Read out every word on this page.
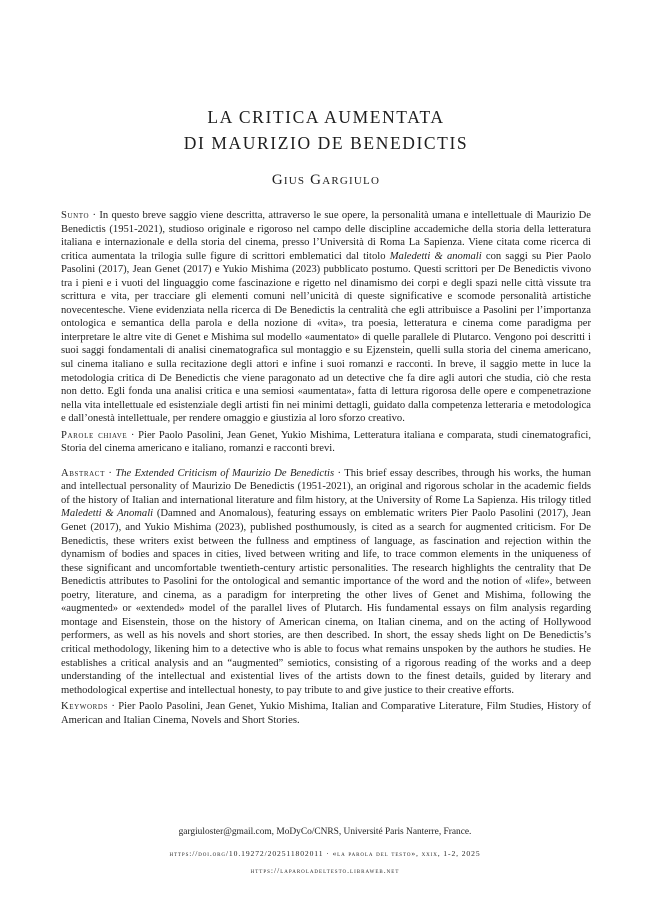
LA CRITICA AUMENTATA
DI MAURIZIO DE BENEDICTIS
Gius Gargiulo

Sunto · In questo breve saggio viene descritta, attraverso le sue opere, la personalità umana e intellettuale di Maurizio De Benedictis (1951-2021), studioso originale e rigoroso nel campo delle discipline accademiche della storia della letteratura italiana e internazionale e della storia del cinema, presso l’Università di Roma La Sapienza. Viene citata come ricerca di critica aumentata la trilogia sulle figure di scrittori emblematici dal titolo Maledetti & anomali con saggi su Pier Paolo Pasolini (2017), Jean Genet (2017) e Yukio Mishima (2023) pubblicato postumo. Questi scrittori per De Benedictis vivono tra i pieni e i vuoti del linguaggio come fascinazione e rigetto nel dinamismo dei corpi e degli spazi nelle città vissute tra scrittura e vita, per tracciare gli elementi comuni nell’unicità di queste significative e scomode personalità artistiche novecentesche. Viene evidenziata nella ricerca di De Benedictis la centralità che egli attribuisce a Pasolini per l’importanza ontologica e semantica della parola e della nozione di «vita», tra poesia, letteratura e cinema come paradigma per interpretare le altre vite di Genet e Mishima sul modello «aumentato» di quelle parallele di Plutarco. Vengono poi descritti i suoi saggi fondamentali di analisi cinematografica sul montaggio e su Ejzenstein, quelli sulla storia del cinema americano, sul cinema italiano e sulla recitazione degli attori e infine i suoi romanzi e racconti. In breve, il saggio mette in luce la metodologia critica di De Benedictis che viene paragonato ad un detective che fa dire agli autori che studia, ciò che resta non detto. Egli fonda una analisi critica e una semiosi «aumentata», fatta di lettura rigorosa delle opere e compenetrazione nella vita intellettuale ed esistenziale degli artisti fin nei minimi dettagli, guidato dalla competenza letteraria e metodologica e dall’onestà intellettuale, per rendere omaggio e giustizia al loro sforzo creativo.

Parole chiave · Pier Paolo Pasolini, Jean Genet, Yukio Mishima, Letteratura italiana e comparata, studi cinematografici, Storia del cinema americano e italiano, romanzi e racconti brevi.

Abstract · The Extended Criticism of Maurizio De Benedictis · This brief essay describes, through his works, the human and intellectual personality of Maurizio De Benedictis (1951-2021), an original and rigorous scholar in the academic fields of the history of Italian and international literature and film history, at the University of Rome La Sapienza. His trilogy titled Maledetti & Anomali (Damned and Anomalous), featuring essays on emblematic writers Pier Paolo Pasolini (2017), Jean Genet (2017), and Yukio Mishima (2023), published posthumously, is cited as a search for augmented criticism. For De Benedictis, these writers exist between the fullness and emptiness of language, as fascination and rejection within the dynamism of bodies and spaces in cities, lived between writing and life, to trace common elements in the uniqueness of these significant and uncomfortable twentieth-century artistic personalities. The research highlights the centrality that De Benedictis attributes to Pasolini for the ontological and semantic importance of the word and the notion of «life», between poetry, literature, and cinema, as a paradigm for interpreting the other lives of Genet and Mishima, following the «augmented» or «extended» model of the parallel lives of Plutarch. His fundamental essays on film analysis regarding montage and Eisenstein, those on the history of American cinema, on Italian cinema, and on the acting of Hollywood performers, as well as his novels and short stories, are then described. In short, the essay sheds light on De Benedictis’s critical methodology, likening him to a detective who is able to focus what remains unspoken by the authors he studies. He establishes a critical analysis and an “augmented” semiotics, consisting of a rigorous reading of the works and a deep understanding of the intellectual and existential lives of the artists down to the finest details, guided by literary and methodological expertise and intellectual honesty, to pay tribute to and give justice to their creative efforts.

Keywords · Pier Paolo Pasolini, Jean Genet, Yukio Mishima, Italian and Comparative Literature, Film Studies, History of American and Italian Cinema, Novels and Short Stories.

gargiuloster@gmail.com, MoDyCo/CNRS, Université Paris Nanterre, France.
https://doi.org/10.19272/202511802011 · «la parola del testo», xxix, 1-2, 2025
https://laparoladeltesto.libraweb.net
